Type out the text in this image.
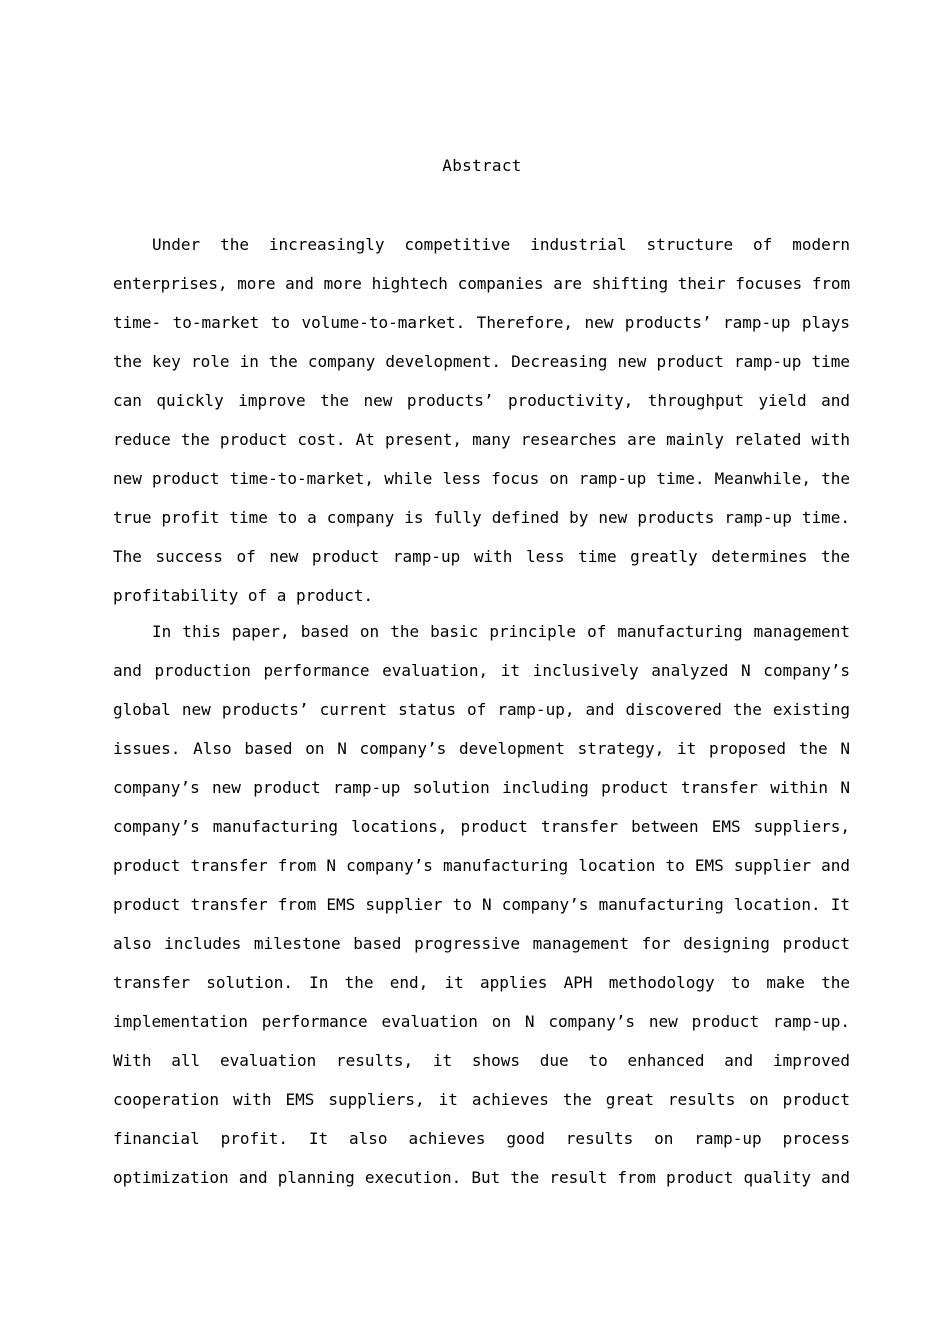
Abstract
Under the increasingly competitive industrial structure of modern
enterprises, more and more hightech companies are shifting their focuses from
time- to-market to volume-to-market. Therefore, new products’ ramp-up plays
the key role in the company development. Decreasing new product ramp-up time
can quickly improve the new products’ productivity, throughput yield and
reduce the product cost. At present, many researches are mainly related with
new product time-to-market, while less focus on ramp-up time. Meanwhile, the
true profit time to a company is fully defined by new products ramp-up time.
The success of new product ramp-up with less time greatly determines the
profitability of a product.
In this paper, based on the basic principle of manufacturing management
and production performance evaluation, it inclusively analyzed N company’s
global new products’ current status of ramp-up, and discovered the existing
issues. Also based on N company’s development strategy, it proposed the N
company’s new product ramp-up solution including product transfer within N
company’s manufacturing locations, product transfer between EMS suppliers,
product transfer from N company’s manufacturing location to EMS supplier and
product transfer from EMS supplier to N company’s manufacturing location. It
also includes milestone based progressive management for designing product
transfer solution. In the end, it applies APH methodology to make the
implementation performance evaluation on N company’s new product ramp-up.
With all evaluation results, it shows due to enhanced and improved
cooperation with EMS suppliers, it achieves the great results on product
financial profit. It also achieves good results on ramp-up process
optimization and planning execution. But the result from product quality and
